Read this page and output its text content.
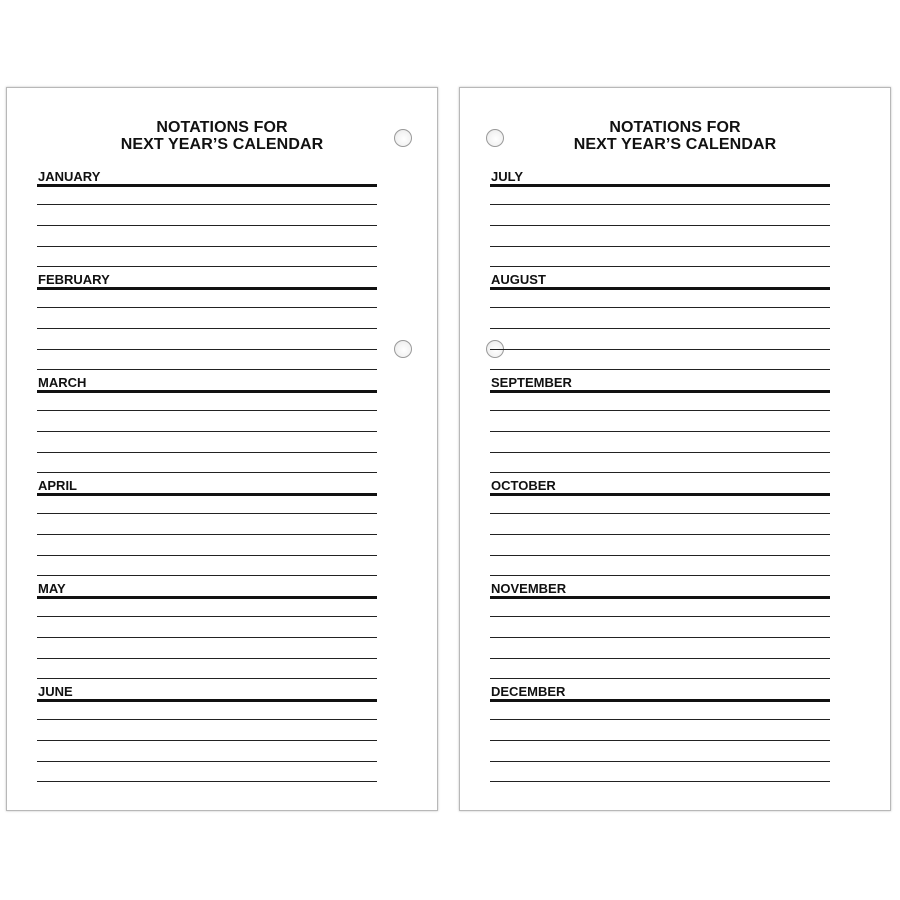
NOTATIONS FOR
NEXT YEAR’S CALENDAR
JANUARY
FEBRUARY
MARCH
APRIL
MAY
JUNE
NOTATIONS FOR
NEXT YEAR’S CALENDAR
JULY
AUGUST
SEPTEMBER
OCTOBER
NOVEMBER
DECEMBER
